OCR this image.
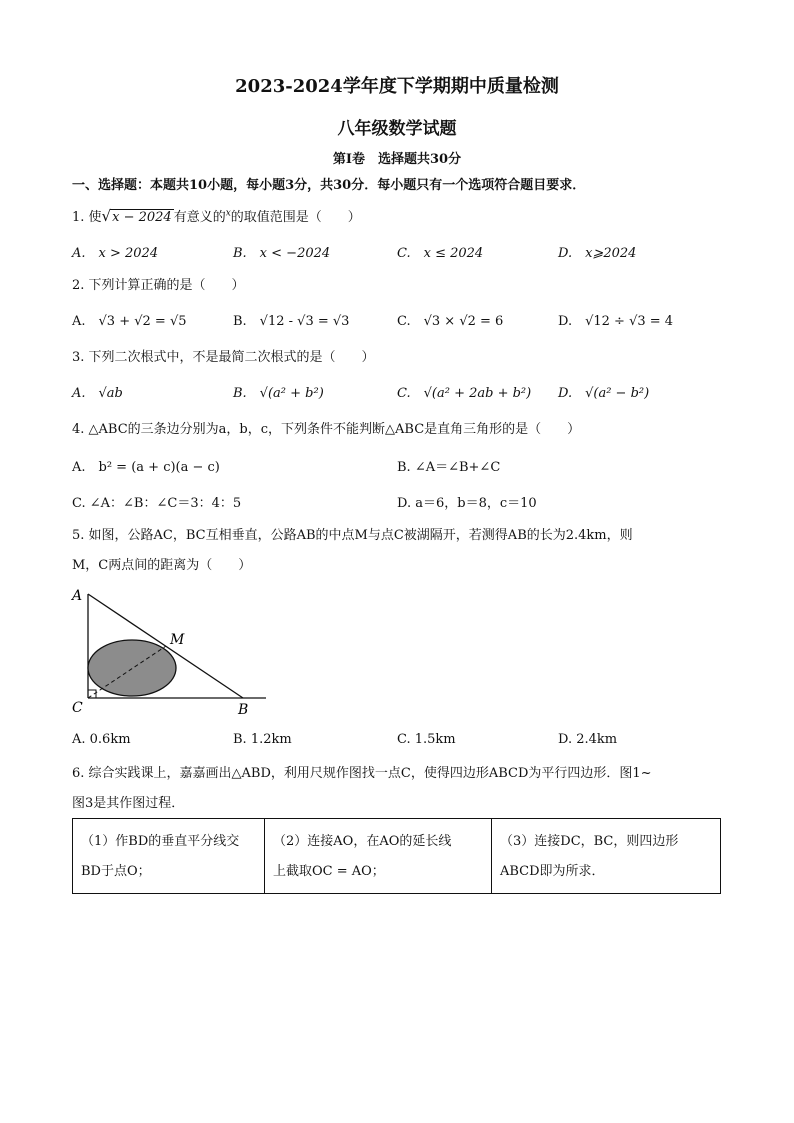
2023-2024学年度下学期期中质量检测
八年级数学试题
第Ⅰ卷　选择题共30分
一、选择题：本题共10小题，每小题3分，共30分．每小题只有一个选项符合题目要求．
1. 使√x − 2024 有意义的$^x$的取值范围是（　　）
A.　x > 2024	B.　x < −2024	C.　x ≤ 2024	D.　x⩾2024
2. 下列计算正确的是（　　）
A.　√3 + √2 = √5	B.　√12 - √3 = √3	C.　√3 × √2 = 6	D.　√12 ÷ √3 = 4
3. 下列二次根式中，不是最简二次根式的是（　　）
A.　√ab	B.　√(a² + b²)	C.　√(a² + 2ab + b²) D.　√(a² − b²)
4. △ABC的三条边分别为a，b，c，下列条件不能判断△ABC是直角三角形的是（　　）
A.　b² = (a + c)(a − c)	B. ∠A＝∠B+∠C
C. ∠A：∠B：∠C＝3：4：5	D. a＝6，b＝8，c＝10
5. 如图，公路AC，BC互相垂直，公路AB的中点M与点C被湖隔开，若测得AB的长为2.4km，则
M，C两点间的距离为（　　）
A
M
C	B
A. 0.6km	B. 1.2km	C. 1.5km	D. 2.4km
6. 综合实践课上，嘉嘉画出△ABD，利用尺规作图找一点C，使得四边形ABCD为平行四边形．图1~
图3是其作图过程．
（1）作BD的垂直平分线交
BD于点O；

（2）连接AO，在AO的延长线
上截取OC = AO；

（3）连接DC，BC，则四边形
ABCD即为所求．
